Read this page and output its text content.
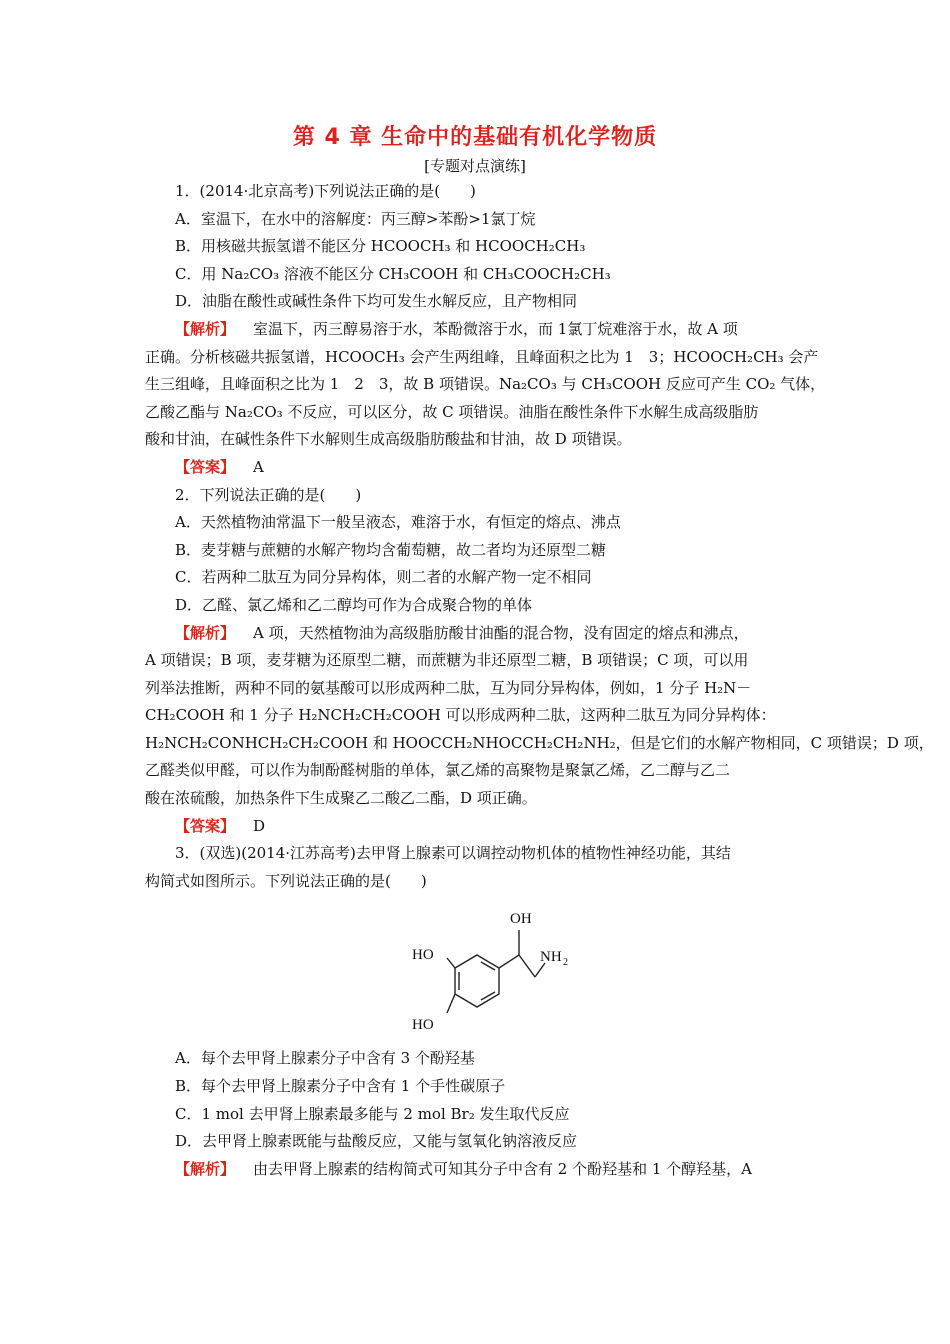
第 4 章 生命中的基础有机化学物质
[专题对点演练]
1．(2014·北京高考)下列说法正确的是(　　)
A．室温下，在水中的溶解度：丙三醇>苯酚>1氯丁烷
B．用核磁共振氢谱不能区分 HCOOCH₃ 和 HCOOCH₂CH₃
C．用 Na₂CO₃ 溶液不能区分 CH₃COOH 和 CH₃COOCH₂CH₃
D．油脂在酸性或碱性条件下均可发生水解反应，且产物相同
【解析】 室温下，丙三醇易溶于水，苯酚微溶于水，而 1氯丁烷难溶于水，故 A 项
正确。分析核磁共振氢谱，HCOOCH₃ 会产生两组峰，且峰面积之比为 1　3；HCOOCH₂CH₃ 会产
生三组峰，且峰面积之比为 1　2　3，故 B 项错误。Na₂CO₃ 与 CH₃COOH 反应可产生 CO₂ 气体，
乙酸乙酯与 Na₂CO₃ 不反应，可以区分，故 C 项错误。油脂在酸性条件下水解生成高级脂肪
酸和甘油，在碱性条件下水解则生成高级脂肪酸盐和甘油，故 D 项错误。
【答案】 A
2．下列说法正确的是(　　)
A．天然植物油常温下一般呈液态，难溶于水，有恒定的熔点、沸点
B．麦芽糖与蔗糖的水解产物均含葡萄糖，故二者均为还原型二糖
C．若两种二肽互为同分异构体，则二者的水解产物一定不相同
D．乙醛、氯乙烯和乙二醇均可作为合成聚合物的单体
【解析】 A 项，天然植物油为高级脂肪酸甘油酯的混合物，没有固定的熔点和沸点，
A 项错误；B 项，麦芽糖为还原型二糖，而蔗糖为非还原型二糖，B 项错误；C 项，可以用
列举法推断，两种不同的氨基酸可以形成两种二肽，互为同分异构体，例如，1 分子 H₂N－
CH₂COOH 和 1 分子 H₂NCH₂CH₂COOH 可以形成两种二肽，这两种二肽互为同分异构体：
H₂NCH₂CONHCH₂CH₂COOH 和 HOOCCH₂NHOCCH₂CH₂NH₂，但是它们的水解产物相同，C 项错误；D 项，
乙醛类似甲醛，可以作为制酚醛树脂的单体，氯乙烯的高聚物是聚氯乙烯，乙二醇与乙二
酸在浓硫酸，加热条件下生成聚乙二酸乙二酯，D 项正确。
【答案】 D
3．(双选)(2014·江苏高考)去甲肾上腺素可以调控动物机体的植物性神经功能，其结
构简式如图所示。下列说法正确的是(　　)
OH
HO	NH 2
HO
A．每个去甲肾上腺素分子中含有 3 个酚羟基
B．每个去甲肾上腺素分子中含有 1 个手性碳原子
C．1 mol 去甲肾上腺素最多能与 2 mol Br₂ 发生取代反应
D．去甲肾上腺素既能与盐酸反应，又能与氢氧化钠溶液反应
【解析】 由去甲肾上腺素的结构简式可知其分子中含有 2 个酚羟基和 1 个醇羟基，A
